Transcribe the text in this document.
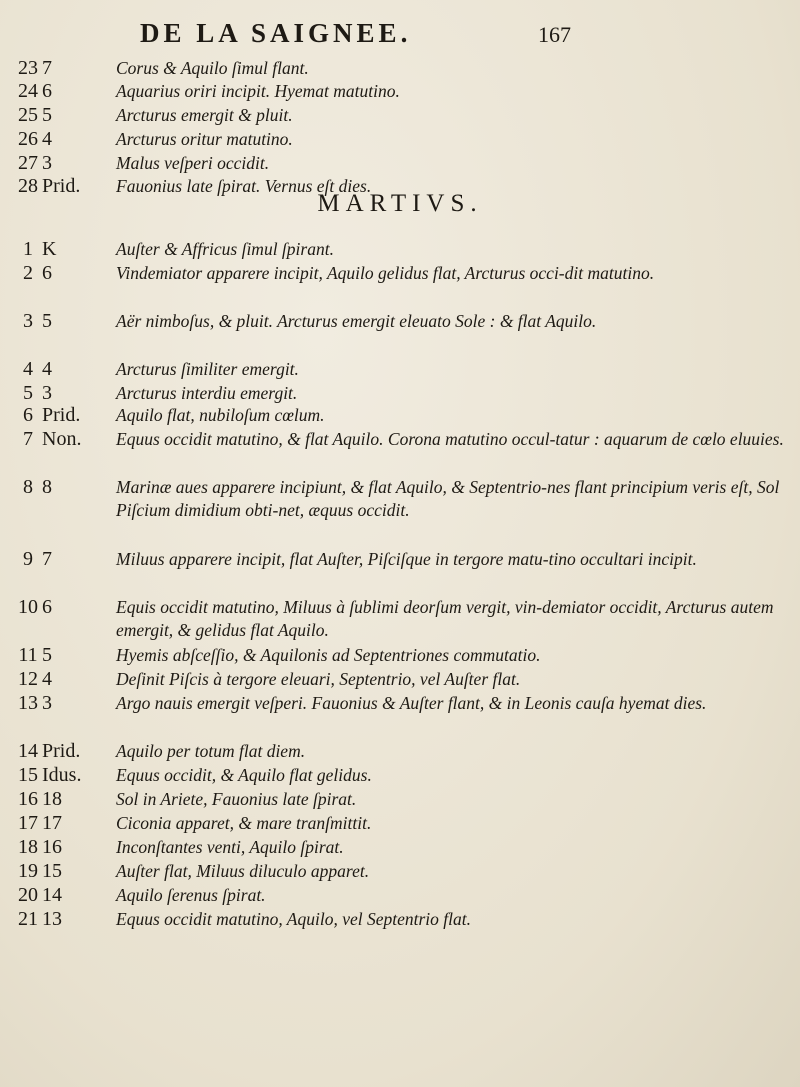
DE LA SAIGNEE.	167
MARTIVS.
23 7	Corus & Aquilo ſimul flant.
24 6	Aquarius oriri incipit. Hyemat matutino.
25 5	Arcturus emergit & pluit.
26 4	Arcturus oritur matutino.
27 3	Malus veſperi occidit.
28 Prid.	Fauonius late ſpirat. Vernus eſt dies.
1 K	Auſter & Affricus ſimul ſpirant.
2 6	Vindemiator apparere incipit, Aquilo gelidus flat, Arcturus occi-dit matutino.
3 5	Aër nimboſus, & pluit. Arcturus emergit eleuato Sole : & flat Aquilo.
4 4	Arcturus ſimiliter emergit.
5 3	Arcturus interdiu emergit.
6 Prid.	Aquilo flat, nubiloſum cœlum.
7 Non.	Equus occidit matutino, & flat Aquilo. Corona matutino occul-tatur : aquarum de cœlo eluuies.
8 8	Marinæ aues apparere incipiunt, & flat Aquilo, & Septentrio-nes flant principium veris eſt, Sol Piſcium dimidium obti-net, æquus occidit.
9 7	Miluus apparere incipit, flat Auſter, Piſciſque in tergore matu-tino occultari incipit.
10 6	Equis occidit matutino, Miluus à ſublimi deorſum vergit, vin-demiator occidit, Arcturus autem emergit, & gelidus flat Aquilo.
11 5	Hyemis abſceſſio, & Aquilonis ad Septentriones commutatio.
12 4	Deſinit Piſcis à tergore eleuari, Septentrio, vel Auſter flat.
13 3	Argo nauis emergit veſperi. Fauonius & Auſter flant, & in Leonis cauſa hyemat dies.
14 Prid.	Aquilo per totum flat diem.
15 Idus.	Equus occidit, & Aquilo flat gelidus.
16 18	Sol in Ariete, Fauonius late ſpirat.
17 17	Ciconia apparet, & mare tranſmittit.
18 16	Inconſtantes venti, Aquilo ſpirat.
19 15	Auſter flat, Miluus diluculo apparet.
20 14	Aquilo ſerenus ſpirat.
21 13	Equus occidit matutino, Aquilo, vel Septentrio flat.
